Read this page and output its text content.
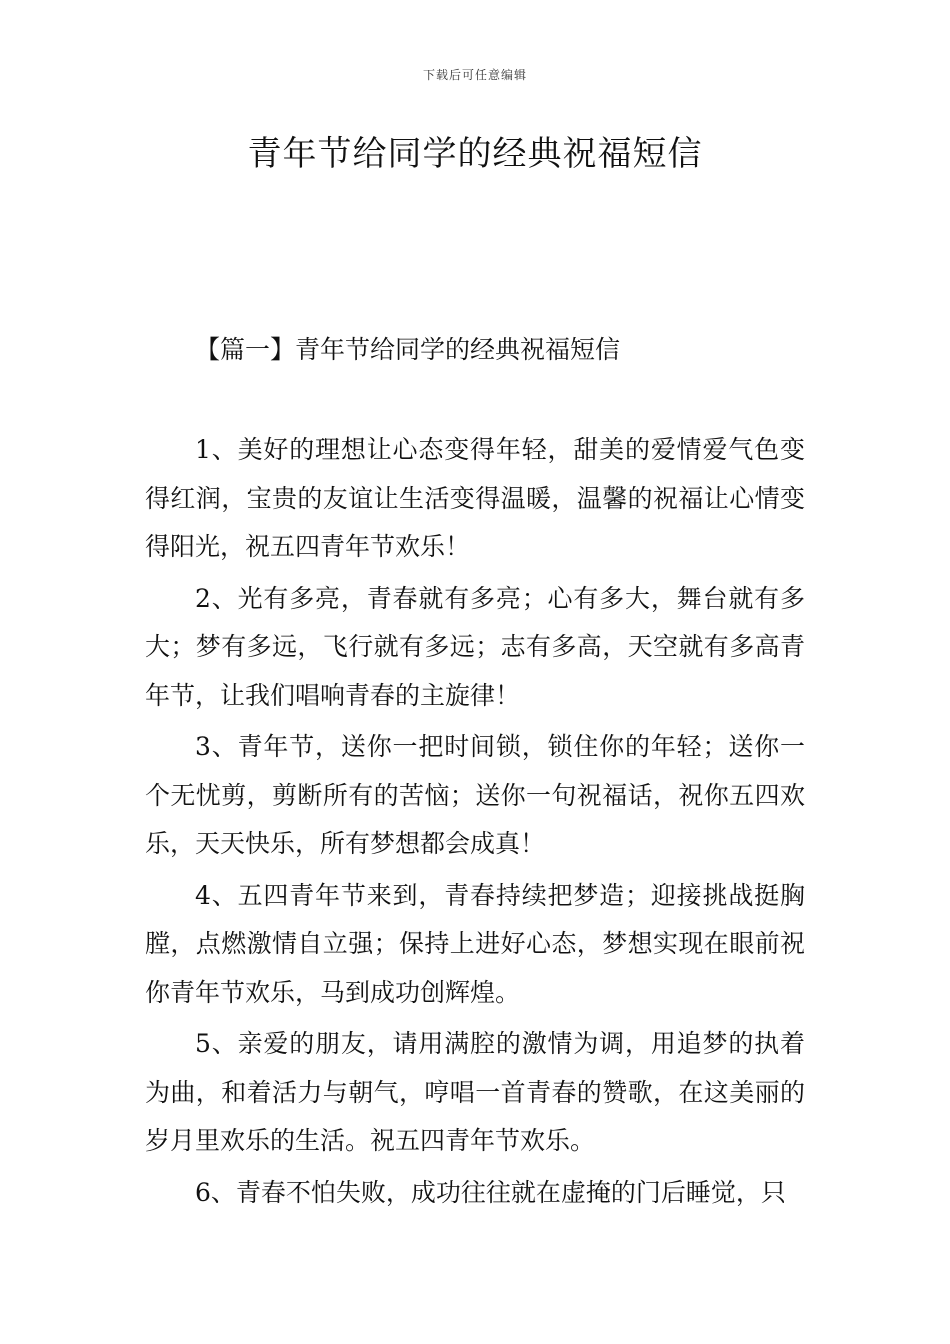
下载后可任意编辑
青年节给同学的经典祝福短信
【篇一】青年节给同学的经典祝福短信

1、美好的理想让心态变得年轻，甜美的爱情爱气色变得红润，宝贵的友谊让生活变得温暖，温馨的祝福让心情变得阳光，祝五四青年节欢乐！

2、光有多亮，青春就有多亮；心有多大，舞台就有多大；梦有多远，飞行就有多远；志有多高，天空就有多高青年节，让我们唱响青春的主旋律！

3、青年节，送你一把时间锁，锁住你的年轻；送你一个无忧剪，剪断所有的苦恼；送你一句祝福话，祝你五四欢乐，天天快乐，所有梦想都会成真！

4、五四青年节来到，青春持续把梦造；迎接挑战挺胸膛，点燃激情自立强；保持上进好心态，梦想实现在眼前祝你青年节欢乐，马到成功创辉煌。

5、亲爱的朋友，请用满腔的激情为调，用追梦的执着为曲，和着活力与朝气，哼唱一首青春的赞歌，在这美丽的岁月里欢乐的生活。祝五四青年节欢乐。

6、青春不怕失败，成功往往就在虚掩的门后睡觉，只
